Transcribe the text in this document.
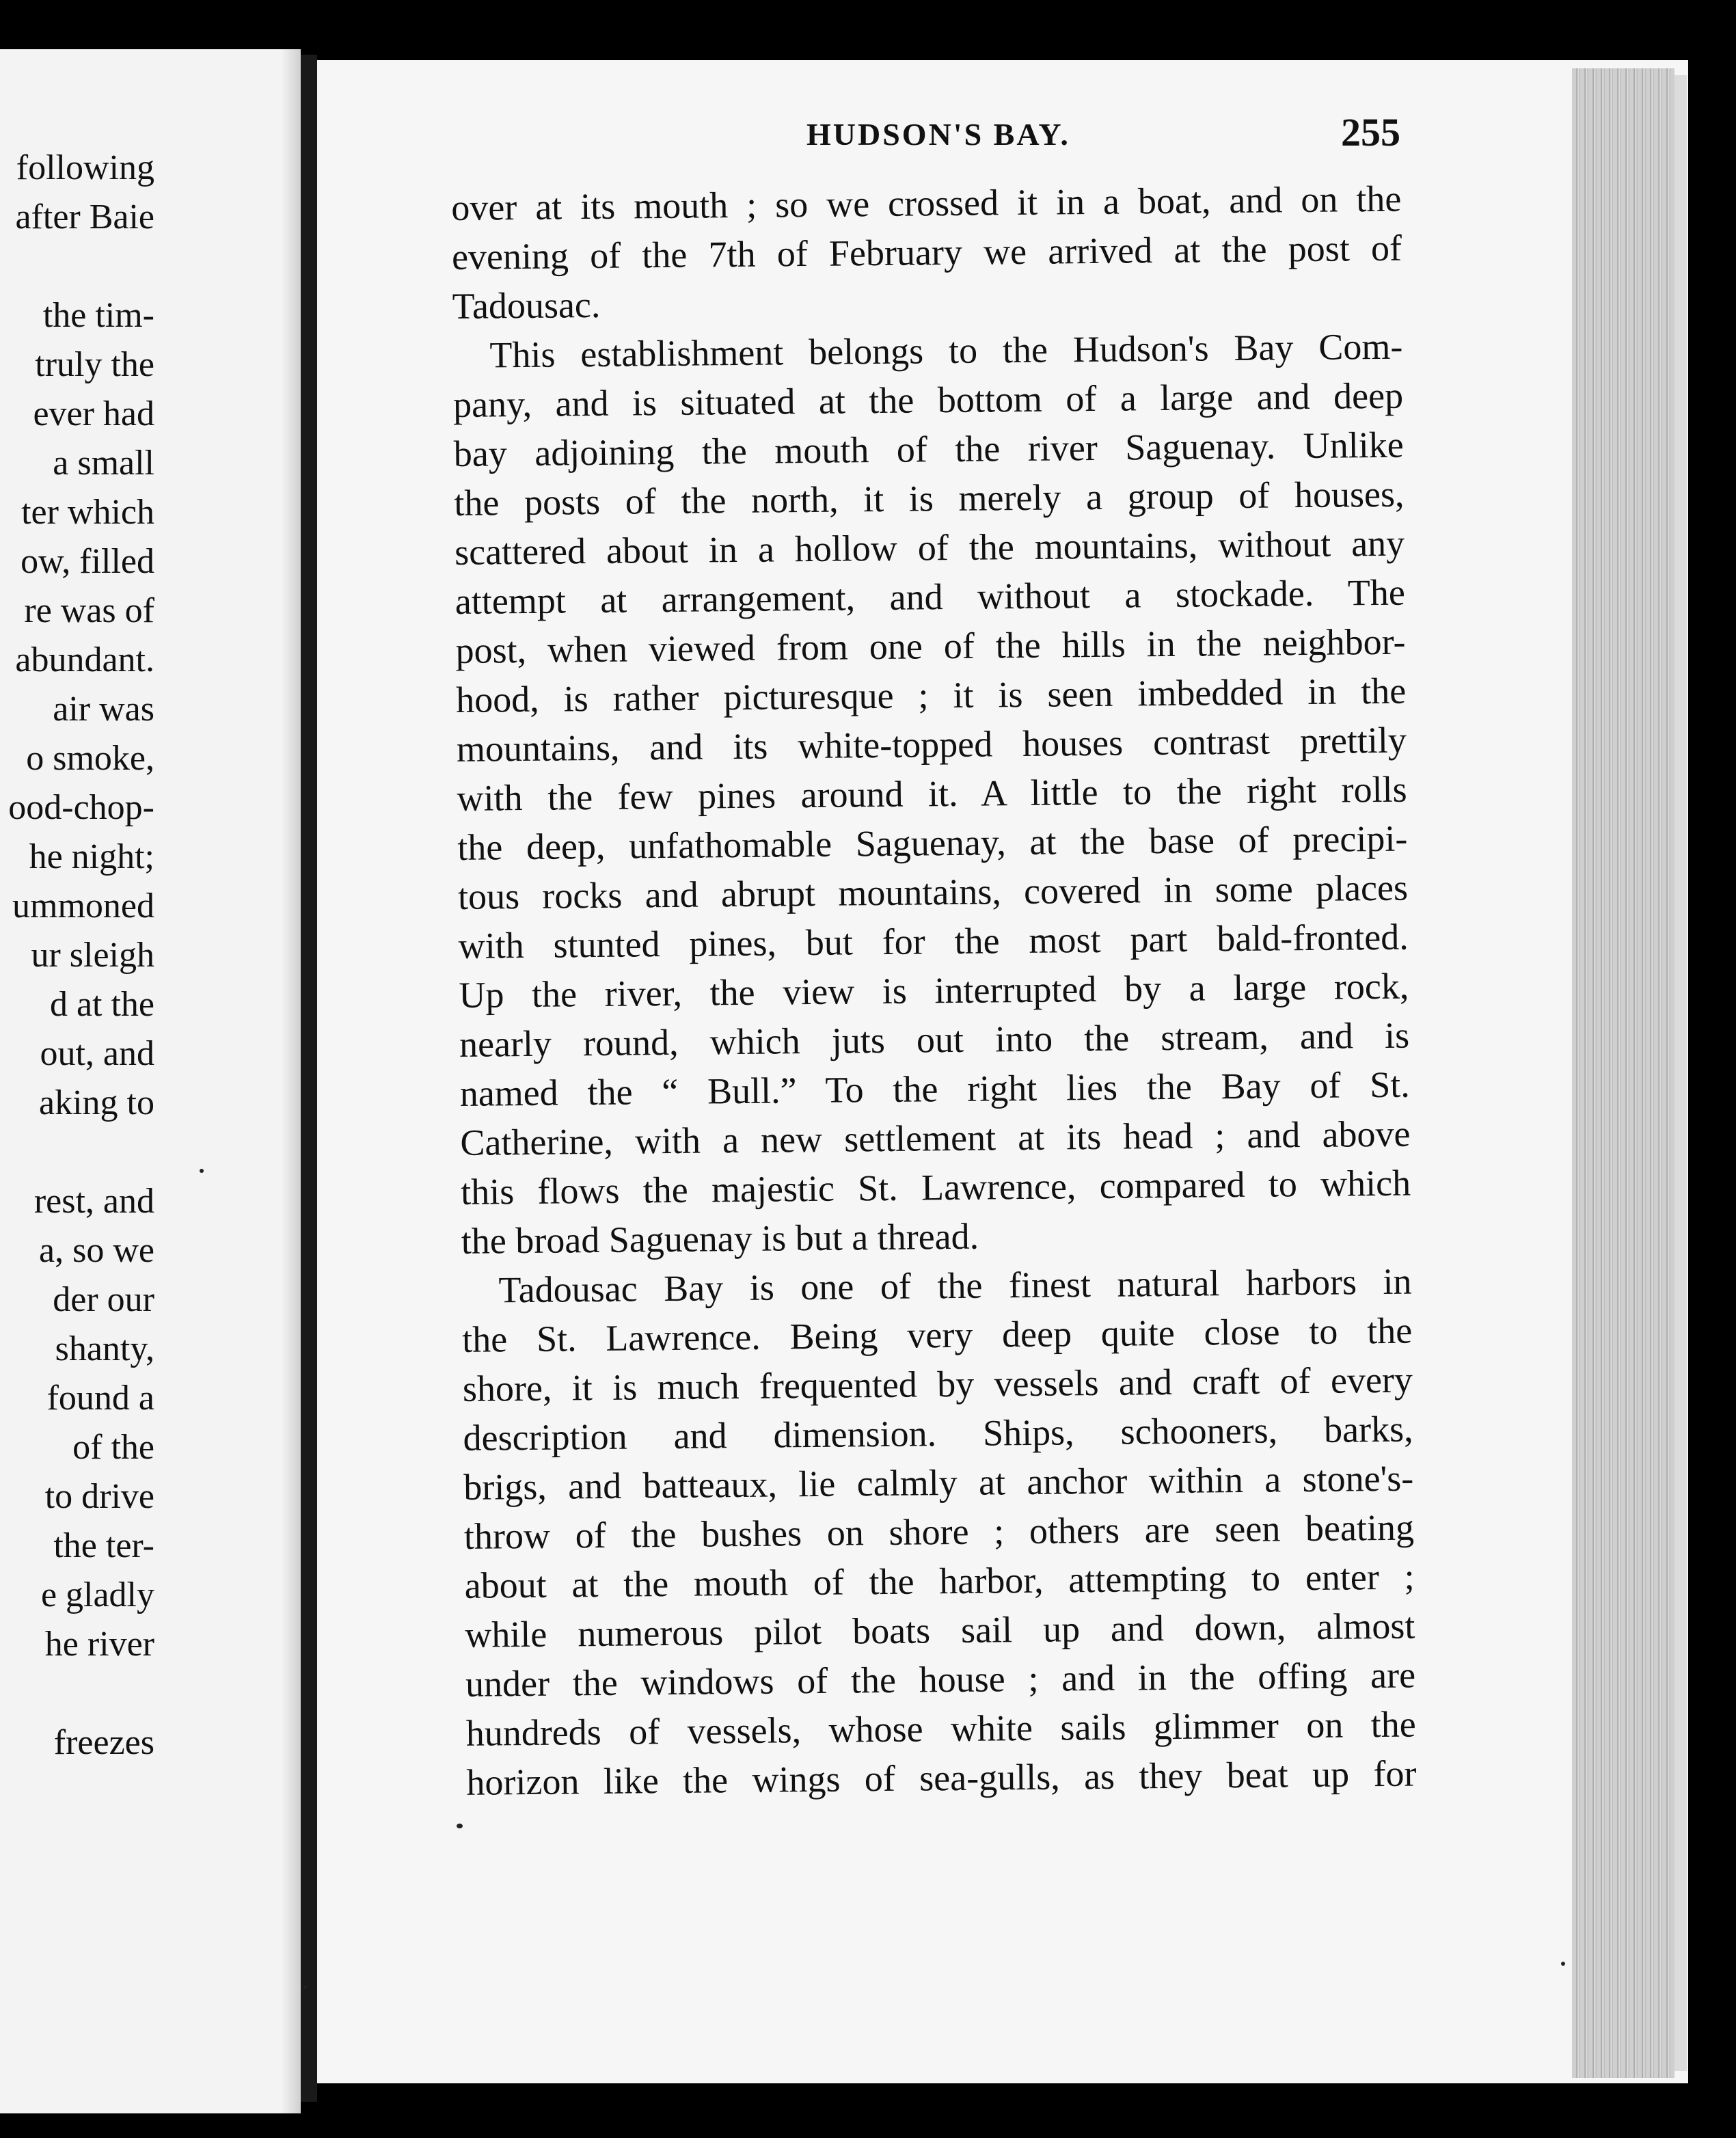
following
after Baie
the tim-
truly the
ever had
a small
ter which
ow, filled
re was of
abundant.
air was
o smoke,
ood-chop-
he night;
ummoned
ur sleigh
d at the
out, and
aking to
rest, and
a, so we
der our
shanty,
found a
of the
to drive
the ter-
e gladly
he river
freezes
HUDSON'S BAY.	255
over at its mouth ; so we crossed it in a boat, and on the
evening of the 7th of February we arrived at the post of
Tadousac.
This establishment belongs to the Hudson's Bay Com-
pany, and is situated at the bottom of a large and deep
bay adjoining the mouth of the river Saguenay. Unlike
the posts of the north, it is merely a group of houses,
scattered about in a hollow of the mountains, without any
attempt at arrangement, and without a stockade. The
post, when viewed from one of the hills in the neighbor-
hood, is rather picturesque ; it is seen imbedded in the
mountains, and its white-topped houses contrast prettily
with the few pines around it. A little to the right rolls
the deep, unfathomable Saguenay, at the base of precipi-
tous rocks and abrupt mountains, covered in some places
with stunted pines, but for the most part bald-fronted.
Up the river, the view is interrupted by a large rock,
nearly round, which juts out into the stream, and is
named the “ Bull.” To the right lies the Bay of St.
Catherine, with a new settlement at its head ; and above
this flows the majestic St. Lawrence, compared to which
the broad Saguenay is but a thread.
Tadousac Bay is one of the finest natural harbors in
the St. Lawrence. Being very deep quite close to the
shore, it is much frequented by vessels and craft of every
description and dimension. Ships, schooners, barks,
brigs, and batteaux, lie calmly at anchor within a stone's-
throw of the bushes on shore ; others are seen beating
about at the mouth of the harbor, attempting to enter ;
while numerous pilot boats sail up and down, almost
under the windows of the house ; and in the offing are
hundreds of vessels, whose white sails glimmer on the
horizon like the wings of sea-gulls, as they beat up for
